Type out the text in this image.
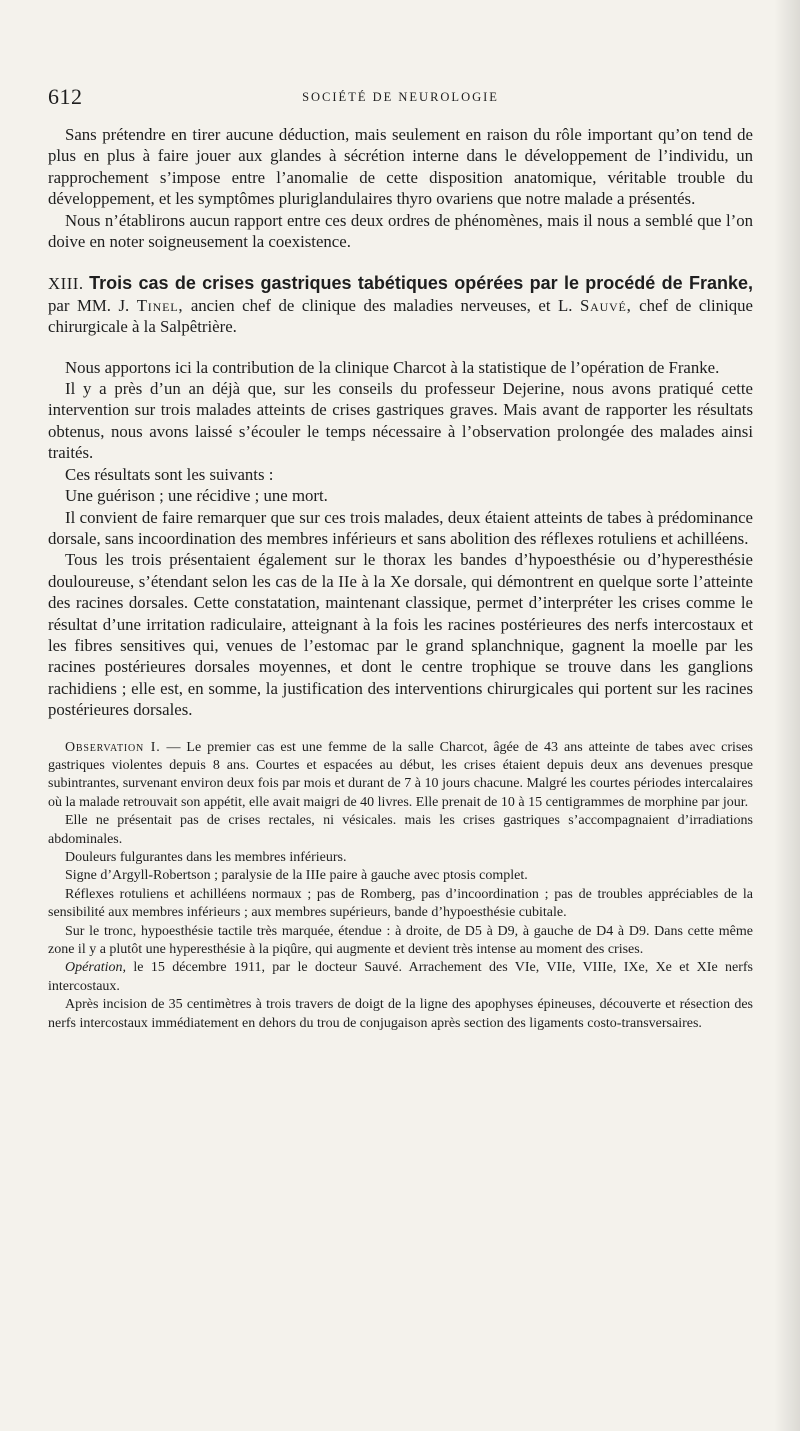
612	SOCIÉTÉ DE NEUROLOGIE

Sans prétendre en tirer aucune déduction, mais seulement en raison du rôle important qu’on tend de plus en plus à faire jouer aux glandes à sécrétion interne dans le développement de l’individu, un rapprochement s’impose entre l’anomalie de cette disposition anatomique, véritable trouble du développement, et les symptômes pluriglandulaires thyro ovariens que notre malade a présentés.

Nous n’établirons aucun rapport entre ces deux ordres de phénomènes, mais il nous a semblé que l’on doive en noter soigneusement la coexistence.

XIII. Trois cas de crises gastriques tabétiques opérées par le procédé de Franke, par MM. J. Tinel, ancien chef de clinique des maladies nerveuses, et L. Sauvé, chef de clinique chirurgicale à la Salpêtrière.

Nous apportons ici la contribution de la clinique Charcot à la statistique de l’opération de Franke.

Il y a près d’un an déjà que, sur les conseils du professeur Dejerine, nous avons pratiqué cette intervention sur trois malades atteints de crises gastriques graves. Mais avant de rapporter les résultats obtenus, nous avons laissé s’écouler le temps nécessaire à l’observation prolongée des malades ainsi traités.

Ces résultats sont les suivants :

Une guérison ; une récidive ; une mort.

Il convient de faire remarquer que sur ces trois malades, deux étaient atteints de tabes à prédominance dorsale, sans incoordination des membres inférieurs et sans abolition des réflexes rotuliens et achilléens.

Tous les trois présentaient également sur le thorax les bandes d’hypoesthésie ou d’hyperesthésie douloureuse, s’étendant selon les cas de la IIe à la Xe dorsale, qui démontrent en quelque sorte l’atteinte des racines dorsales. Cette constatation, maintenant classique, permet d’interpréter les crises comme le résultat d’une irritation radiculaire, atteignant à la fois les racines postérieures des nerfs intercostaux et les fibres sensitives qui, venues de l’estomac par le grand splanchnique, gagnent la moelle par les racines postérieures dorsales moyennes, et dont le centre trophique se trouve dans les ganglions rachidiens ; elle est, en somme, la justification des interventions chirurgicales qui portent sur les racines postérieures dorsales.

Observation I. — Le premier cas est une femme de la salle Charcot, âgée de 43 ans atteinte de tabes avec crises gastriques violentes depuis 8 ans. Courtes et espacées au début, les crises étaient depuis deux ans devenues presque subintrantes, survenant environ deux fois par mois et durant de 7 à 10 jours chacune. Malgré les courtes périodes intercalaires où la malade retrouvait son appétit, elle avait maigri de 40 livres. Elle prenait de 10 à 15 centigrammes de morphine par jour.

Elle ne présentait pas de crises rectales, ni vésicales. mais les crises gastriques s’accompagnaient d’irradiations abdominales.

Douleurs fulgurantes dans les membres inférieurs.

Signe d’Argyll-Robertson ; paralysie de la IIIe paire à gauche avec ptosis complet.

Réflexes rotuliens et achilléens normaux ; pas de Romberg, pas d’incoordination ; pas de troubles appréciables de la sensibilité aux membres inférieurs ; aux membres supérieurs, bande d’hypoesthésie cubitale.

Sur le tronc, hypoesthésie tactile très marquée, étendue : à droite, de D5 à D9, à gauche de D4 à D9. Dans cette même zone il y a plutôt une hyperesthésie à la piqûre, qui augmente et devient très intense au moment des crises.

Opération, le 15 décembre 1911, par le docteur Sauvé. Arrachement des VIe, VIIe, VIIIe, IXe, Xe et XIe nerfs intercostaux.

Après incision de 35 centimètres à trois travers de doigt de la ligne des apophyses épineuses, découverte et résection des nerfs intercostaux immédiatement en dehors du trou de conjugaison après section des ligaments costo-transversaires.
